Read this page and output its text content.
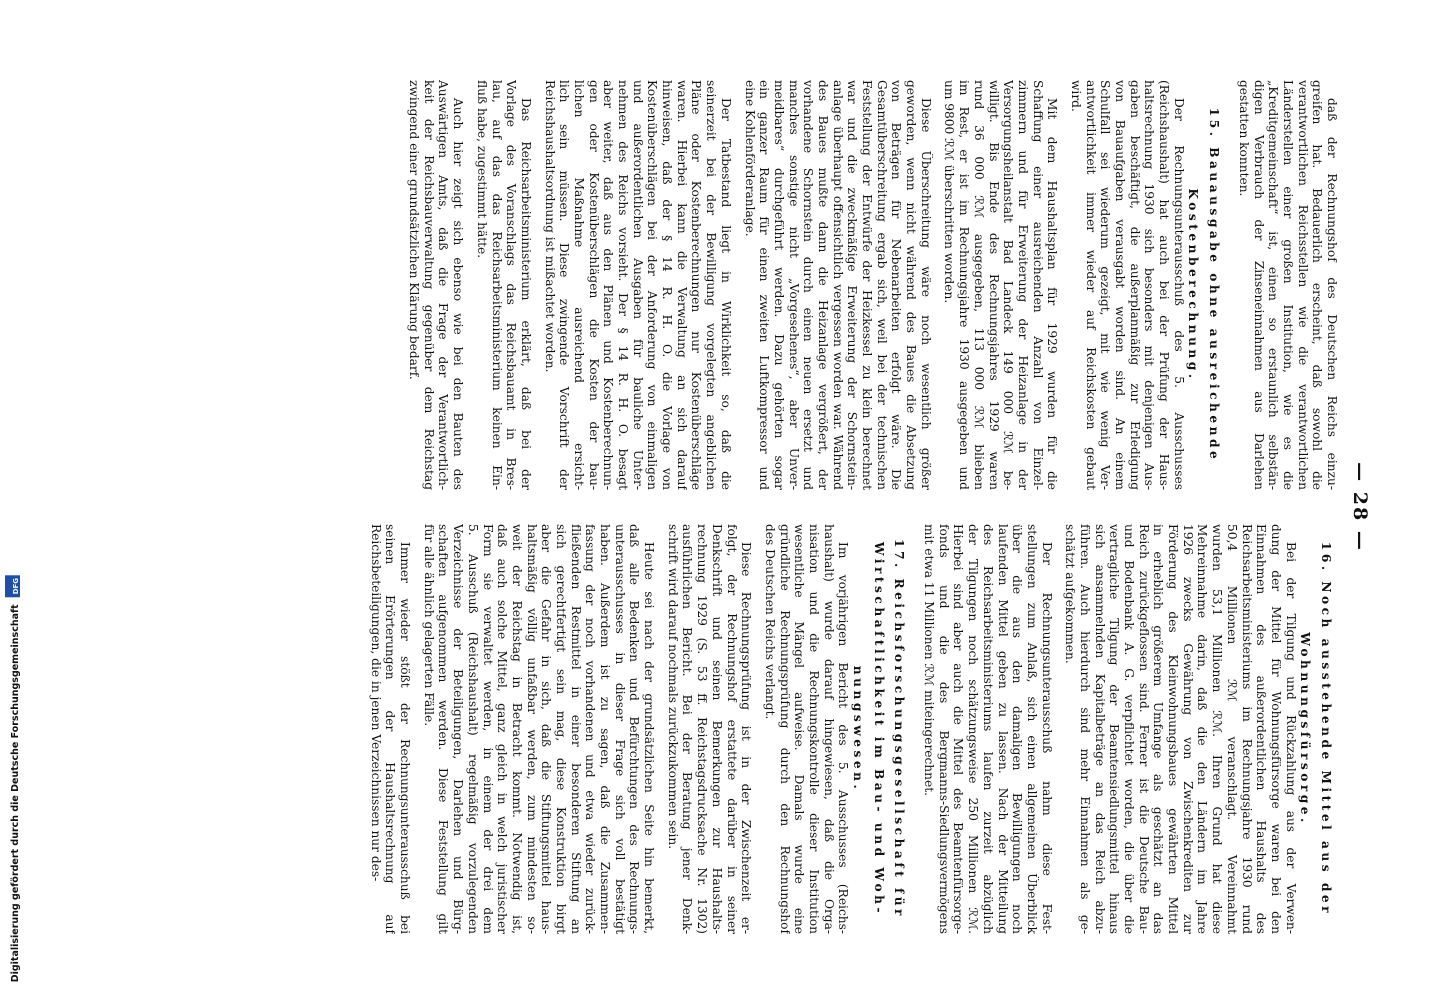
— 28 —
daß der Rechnungshof des Deutschen Reichs einzu-
greifen hat. Bedauerlich erscheint, daß sowohl die
verantwortlichen Reichsstellen wie die verantwortlichen
Länderstellen einer großen Institution, wie es die
„Kreditgemeinschaft“ ist, einen so erstaunlich selbstän-
digen Verbrauch der Zinseneinnahmen aus Darlehen
gestatten konnten.
15. Bauausgabe ohne ausreichende
Kostenberechnung.
Der Rechnungsunterausschuß des 5. Ausschusses
(Reichshaushalt) hat auch bei der Prüfung der Haus-
haltsrechnung 1930 sich besonders mit denjenigen Aus-
gaben beschäftigt, die außerplanmäßig zur Erledigung
von Bauaufgaben verausgabt worden sind. An einem
Schulfall sei wiederum gezeigt, mit wie wenig Ver-
antwortlichkeit immer wieder auf Reichskosten gebaut
wird.
Mit dem Haushaltsplan für 1929 wurden für die
Schaffung einer ausreichenden Anzahl von Einzel-
zimmern und für Erweiterung der Heizanlage in der
Versorgungsheilanstalt Bad Landeck 149 000 ℛℳ be-
willigt. Bis Ende des Rechnungsjahres 1929 waren
rund 36 000 ℛℳ ausgegeben, 113 000 ℛℳ blieben
im Rest, er ist im Rechnungsjahre 1930 ausgegeben und
um 9800 ℛℳ überschritten worden.
Diese Überschreitung wäre noch wesentlich größer
geworden, wenn nicht während des Baues die Absetzung
von Beträgen für Nebenarbeiten erfolgt wäre. Die
Gesamtüberschreitung ergab sich, weil bei der technischen
Feststellung der Entwürfe der Heizkessel zu klein berechnet
war und die zweckmäßige Erweiterung der Schornstein-
anlage überhaupt offensichtlich vergessen worden war. Während
des Baues mußte dann die Heizanlage vergrößert, der
vorhandene Schornstein durch einen neuen ersetzt und
manches sonstige nicht „Vorgesehenes“, aber Unver-
meidbares“ durchgeführt werden. Dazu gehörten sogar
ein ganzer Raum für einen zweiten Luftkompressor und
eine Kohlenförderanlage.
Der Tatbestand liegt in Wirklichkeit so, daß die
seinerzeit bei der Bewilligung vorgelegten angeblichen
Pläne oder Kostenberechnungen nur Kostenüberschläge
waren. Hierbei kann die Verwaltung an sich darauf
hinweisen, daß der § 14 R. H. O. die Vorlage von
Kostenüberschlägen bei der Anforderung von einmaligen
und außerordentlichen Ausgaben für bauliche Unter-
nehmen des Reichs vorsieht. Der § 14 R. H. O. besagt
aber weiter, daß aus den Plänen und Kostenberechnun-
gen oder Kostenüberschlägen die Kosten der bau-
lichen Maßnahme ausreichend ersicht-
lich sein müssen. Diese zwingende Vorschrift der
Reichshaushaltsordnung ist mißachtet worden.
Das Reichsarbeitsministerium erklärt, daß bei der
Vorlage des Voranschlags das Reichsbauamt in Bres-
lau, auf das das Reichsarbeitsministerium keinen Ein-
fluß habe, zugestimmt hätte.
Auch hier zeigt sich ebenso wie bei den Bauten des
Auswärtigen Amts, daß die Frage der Verantwortlich-
keit der Reichsbauverwaltung gegenüber dem Reichstag
zwingend einer grundsätzlichen Klärung bedarf.
16. Noch ausstehende Mittel aus der
Wohnungsfürsorge.
Bei der Tilgung und Rückzahlung aus der Verwen-
dung der Mittel für Wohnungsfürsorge waren bei den
Einnahmen des außerordentlichen Haushalts des
Reichsarbeitsministeriums im Rechnungsjahre 1930 rund
50,4 Millionen ℛℳ veranschlagt. Vereinnahmt
wurden 53,1 Millionen ℛℳ. Ihren Grund hat diese
Mehreinnahme darin, daß die den Ländern im Jahre
1926 zwecks Gewährung von Zwischenkrediten zur
Förderung des Kleinwohnungsbaues gewährten Mittel
in erheblich größerem Umfange als geschätzt an das
Reich zurückgeflossen sind. Ferner ist die Deutsche Bau-
und Bodenbank A. G. verpflichtet worden, die über die
vertragliche Tilgung der Beamtensiedlungsmittel hinaus
sich ansammelnden Kapitalbeträge an das Reich abzu-
führen. Auch hierdurch sind mehr Einnahmen als ge-
schätzt aufgekommen.
Der Rechnungsunterausschuß nahm diese Fest-
stellungen zum Anlaß, sich einen allgemeinen Überblick
über die aus den damaligen Bewilligungen noch
laufenden Mittel geben zu lassen. Nach der Mitteilung
des Reichsarbeitsministeriums laufen zurzeit abzüglich
der Tilgungen noch schätzungsweise 250 Millionen ℛℳ.
Hierbei sind aber auch die Mittel des Beamtenfürsorge-
fonds und die des Bergmanns-Siedlungsvermögens
mit etwa 11 Millionen ℛℳ miteingerechnet.
17. Reichsforschungsgesellschaft für
Wirtschaftlichkeit im Bau- und Woh-
nungswesen.
Im vorjährigen Bericht des 5. Ausschusses (Reichs-
haushalt) wurde darauf hingewiesen, daß die Orga-
nisation und die Rechnungskontrolle dieser Institution
wesentliche Mängel aufweise. Damals wurde eine
gründliche Rechnungsprüfung durch den Rechnungshof
des Deutschen Reichs verlangt.
Diese Rechnungsprüfung ist in der Zwischenzeit er-
folgt, der Rechnungshof erstattete darüber in seiner
Denkschrift und seinen Bemerkungen zur Haushalts-
rechnung 1929 (S. 53 ff. Reichstagsdrucksache Nr. 1302)
ausführlichen Bericht. Bei der Beratung jener Denk-
schrift wird darauf nochmals zurückzukommen sein.
Heute sei nach der grundsätzlichen Seite hin bemerkt,
daß alle Bedenken und Befürchtungen des Rechnungs-
unterausschusses in dieser Frage sich voll bestätigt
haben. Außerdem ist zu sagen, daß die Zusammen-
fassung der noch vorhandenen und etwa wieder zurück-
fließenden Restmittel in einer besonderen Stiftung an
sich gerechtfertigt sein mag, diese Konstruktion birgt
aber die Gefahr in sich, daß die Stiftungsmittel haus-
haltsmäßig völlig unfaßbar werden, zum mindesten so-
weit der Reichstag in Betracht kommt. Notwendig ist,
daß auch solche Mittel, ganz gleich in welch juristischer
Form sie verwaltet werden, in einem der drei dem
5. Ausschuß (Reichshaushalt) regelmäßig vorzulegenden
Verzeichnisse der Beteiligungen, Darlehen und Bürg-
schaften aufgenommen werden. Diese Feststellung gilt
für alle ähnlich gelagerten Fälle.
Immer wieder stößt der Rechnungsunterausschuß bei
seinen Erörterungen der Haushaltsrechnung auf
Reichsbeteiligungen, die in jenen Verzeichnissen nur des-
Digitalisierung gefördert durch die Deutsche Forschungsgemeinschaft DFG
